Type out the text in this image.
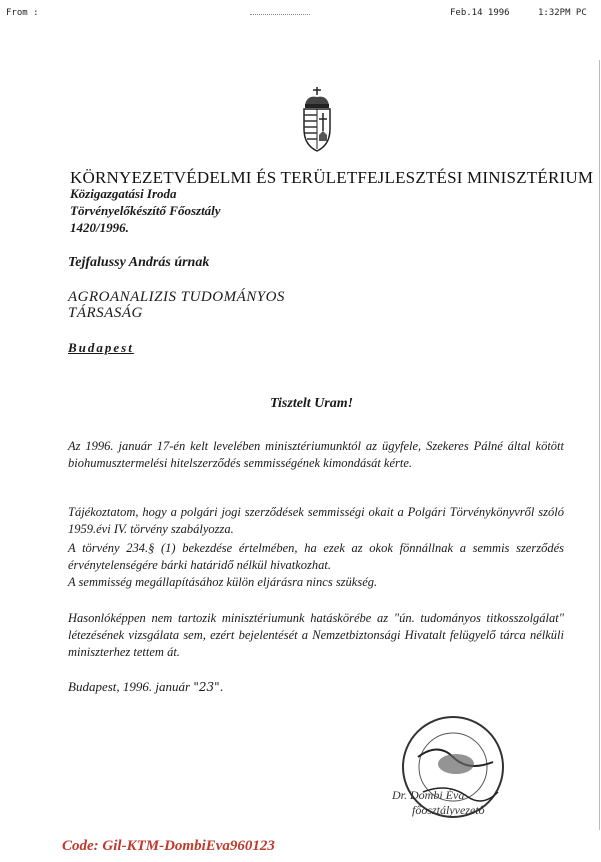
From :	Feb.14 1996	1:32PM PC
KÖRNYEZETVÉDELMI ÉS TERÜLETFEJLESZTÉSI MINISZTÉRIUM
Közigazgatási Iroda
Törvényelőkészítő Főosztály
1420/1996.
Tejfalussy András úrnak
AGROANALIZIS TUDOMÁNYOS
TÁRSASÁG
Budapest
Tisztelt Uram!
Az 1996. január 17-én kelt levelében minisztériumunktól az ügyfele, Szekeres Pálné által kötött biohumusztermelési hitelszerződés semmisségének kimondását kérte.
Tájékoztatom, hogy a polgári jogi szerződések semmisségi okait a Polgári Törvénykönyvről szóló 1959.évi IV. törvény szabályozza.
A törvény 234.§ (1) bekezdése értelmében, ha ezek az okok fönnállnak a semmis szerződés érvénytelenségére bárki határidő nélkül hivatkozhat.
A semmisség megállapításához külön eljárásra nincs szükség.
Hasonlóképpen nem tartozik minisztériumunk hatáskörébe az "ún. tudományos titkosszolgálat" létezésének vizsgálata sem, ezért bejelentését a Nemzetbiztonsági Hivatalt felügyelő tárca nélküli miniszterhez tettem át.
Budapest, 1996. január "23".
Dr. Dombi Éva
főosztályvezető
Code: Gil-KTM-DombiEva960123
